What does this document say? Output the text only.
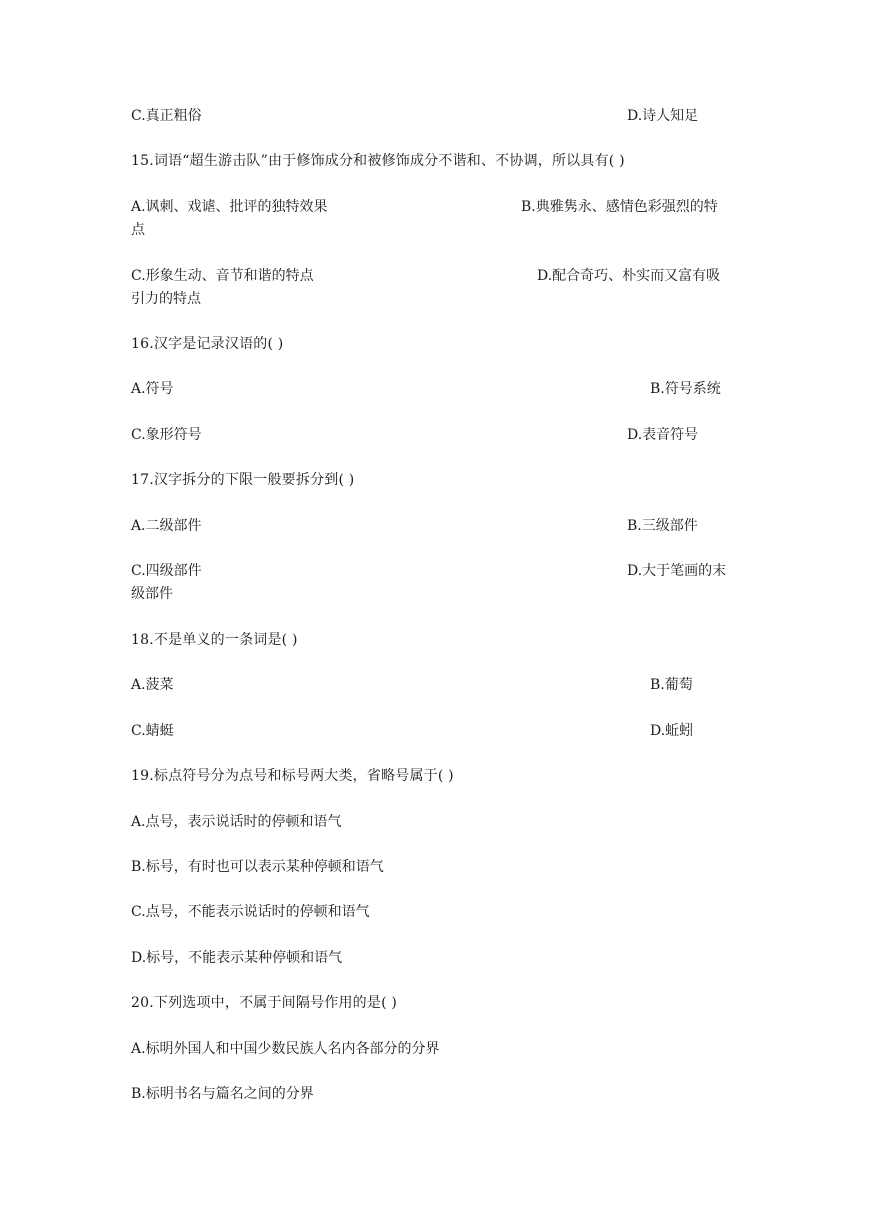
C.真正粗俗	D.诗人知足
15.词语“超生游击队”由于修饰成分和被修饰成分不谐和、不协调，所以具有( )
A.讽刺、戏谑、批评的独特效果	B.典雅隽永、感情色彩强烈的特
点
C.形象生动、音节和谐的特点	D.配合奇巧、朴实而又富有吸
引力的特点
16.汉字是记录汉语的( )
A.符号	B.符号系统
C.象形符号	D.表音符号
17.汉字拆分的下限一般要拆分到( )
A.二级部件	B.三级部件
C.四级部件	D.大于笔画的末
级部件
18.不是单义的一条词是( )
A.菠菜	B.葡萄
C.蜻蜓	D.蚯蚓
19.标点符号分为点号和标号两大类，省略号属于( )
A.点号，表示说话时的停顿和语气
B.标号，有时也可以表示某种停顿和语气
C.点号，不能表示说话时的停顿和语气
D.标号，不能表示某种停顿和语气
20.下列选项中，不属于间隔号作用的是( )
A.标明外国人和中国少数民族人名内各部分的分界
B.标明书名与篇名之间的分界
